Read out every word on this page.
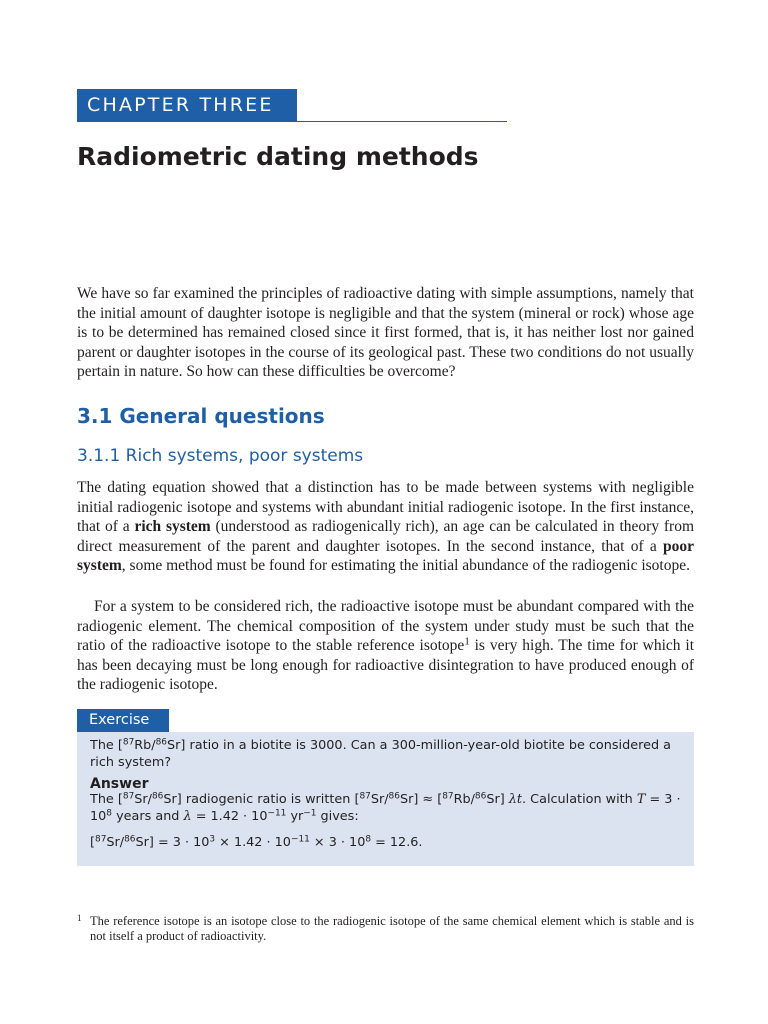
CHAPTER THREE
Radiometric dating methods

We have so far examined the principles of radioactive dating with simple assumptions, namely that the initial amount of daughter isotope is negligible and that the system (mineral or rock) whose age is to be determined has remained closed since it first formed, that is, it has neither lost nor gained parent or daughter isotopes in the course of its geological past. These two conditions do not usually pertain in nature. So how can these difficulties be overcome?

3.1 General questions
3.1.1 Rich systems, poor systems

The dating equation showed that a distinction has to be made between systems with negligible initial radiogenic isotope and systems with abundant initial radiogenic isotope. In the first instance, that of a rich system (understood as radiogenically rich), an age can be calculated in theory from direct measurement of the parent and daughter isotopes. In the second instance, that of a poor system, some method must be found for estimating the initial abundance of the radiogenic isotope.

For a system to be considered rich, the radioactive isotope must be abundant compared with the radiogenic element. The chemical composition of the system under study must be such that the ratio of the radioactive isotope to the stable reference isotope$^1$ is very high. The time for which it has been decaying must be long enough for radioactive disintegration to have produced enough of the radiogenic isotope.

Exercise

The [$^{87}$Rb/$^{86}$Sr] ratio in a biotite is 3000. Can a 300-million-year-old biotite be considered a rich system?

Answer

The [$^{87}$Sr/$^{86}$Sr] radiogenic ratio is written [$^{87}$Sr/$^{86}$Sr] ≈ [$^{87}$Rb/$^{86}$Sr] λt. Calculation with $T = 3 \cdot 10^8$ years and $\lambda = 1.42 \cdot 10^{-11}$ $yr^{-1}$ gives:

$[^{87}Sr/^{86}Sr] = 3 \cdot 10^3 \times 1.42 \cdot 10^{-11} \times 3 \cdot 10^8 = 12.6$.

1 The reference isotope is an isotope close to the radiogenic isotope of the same chemical element which is stable and is not itself a product of radioactivity.
